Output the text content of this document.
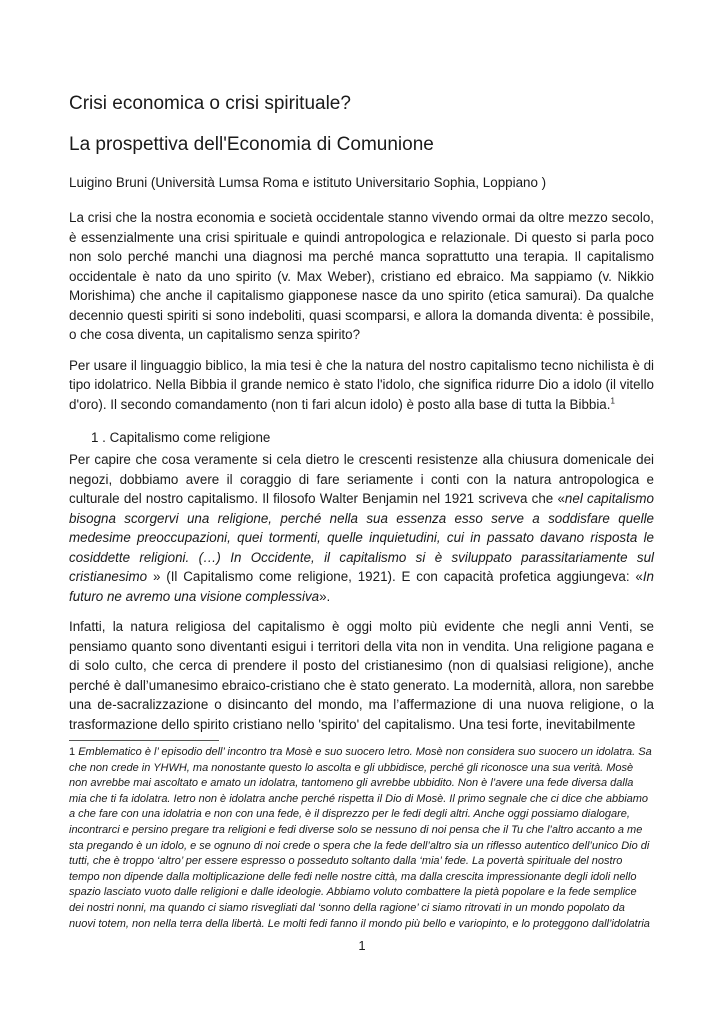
Crisi economica o crisi spirituale?
La prospettiva dell'Economia di Comunione

Luigino Bruni (Università Lumsa Roma e istituto Universitario Sophia, Loppiano )

La crisi che la nostra economia e società occidentale stanno vivendo ormai da oltre mezzo secolo, è essenzialmente una crisi spirituale e quindi antropologica e relazionale. Di questo si parla poco non solo perché manchi una diagnosi ma perché manca soprattutto una terapia. Il capitalismo occidentale è nato da uno spirito (v. Max Weber), cristiano ed ebraico. Ma sappiamo (v. Nikkio Morishima) che anche il capitalismo giapponese nasce da uno spirito (etica samurai). Da qualche decennio questi spiriti si sono indeboliti, quasi scomparsi, e allora la domanda diventa: è possibile, o che cosa diventa, un capitalismo senza spirito?

Per usare il linguaggio biblico, la mia tesi è che la natura del nostro capitalismo tecno nichilista è di tipo idolatrico. Nella Bibbia il grande nemico è stato l'idolo, che significa ridurre Dio a idolo (il vitello d'oro). Il secondo comandamento (non ti fari alcun idolo) è posto alla base di tutta la Bibbia.$^1$

1 . Capitalismo come religione

Per capire che cosa veramente si cela dietro le crescenti resistenze alla chiusura domenicale dei negozi, dobbiamo avere il coraggio di fare seriamente i conti con la natura antropologica e culturale del nostro capitalismo. Il filosofo Walter Benjamin nel 1921 scriveva che «nel capitalismo bisogna scorgervi una religione, perché nella sua essenza esso serve a soddisfare quelle medesime preoccupazioni, quei tormenti, quelle inquietudini, cui in passato davano risposta le cosiddette religioni. (…) In Occidente, il capitalismo si è sviluppato parassitariamente sul cristianesimo » (Il Capitalismo come religione, 1921). E con capacità profetica aggiungeva: «In futuro ne avremo una visione complessiva».

Infatti, la natura religiosa del capitalismo è oggi molto più evidente che negli anni Venti, se pensiamo quanto sono diventanti esigui i territori della vita non in vendita. Una religione pagana e di solo culto, che cerca di prendere il posto del cristianesimo (non di qualsiasi religione), anche perché è dall’umanesimo ebraico-cristiano che è stato generato. La modernità, allora, non sarebbe una de-sacralizzazione o disincanto del mondo, ma l’affermazione di una nuova religione, o la trasformazione dello spirito cristiano nello 'spirito' del capitalismo. Una tesi forte, inevitabilmente

1 Emblematico è l’ episodio dell’ incontro tra Mosè e suo suocero Ietro. Mosè non considera suo suocero un idolatra. Sa che non crede in YHWH, ma nonostante questo lo ascolta e gli ubbidisce, perché gli riconosce una sua verità. Mosè non avrebbe mai ascoltato e amato un idolatra, tantomeno gli avrebbe ubbidito. Non è l’avere una fede diversa dalla mia che ti fa idolatra. Ietro non è idolatra anche perché rispetta il Dio di Mosè. Il primo segnale che ci dice che abbiamo a che fare con una idolatria e non con una fede, è il disprezzo per le fedi degli altri. Anche oggi possiamo dialogare, incontrarci e persino pregare tra religioni e fedi diverse solo se nessuno di noi pensa che il Tu che l’altro accanto a me sta pregando è un idolo, e se ognuno di noi crede o spera che la fede dell’altro sia un riflesso autentico dell’unico Dio di tutti, che è troppo ‘altro’ per essere espresso o posseduto soltanto dalla ‘mia’ fede. La povertà spirituale del nostro tempo non dipende dalla moltiplicazione delle fedi nelle nostre città, ma dalla crescita impressionante degli idoli nello spazio lasciato vuoto dalle religioni e dalle ideologie. Abbiamo voluto combattere la pietà popolare e la fede semplice dei nostri nonni, ma quando ci siamo risvegliati dal ‘sonno della ragione’ ci siamo ritrovati in un mondo popolato da nuovi totem, non nella terra della libertà. Le molti fedi fanno il mondo più bello e variopinto, e lo proteggono dall’idolatria

1
